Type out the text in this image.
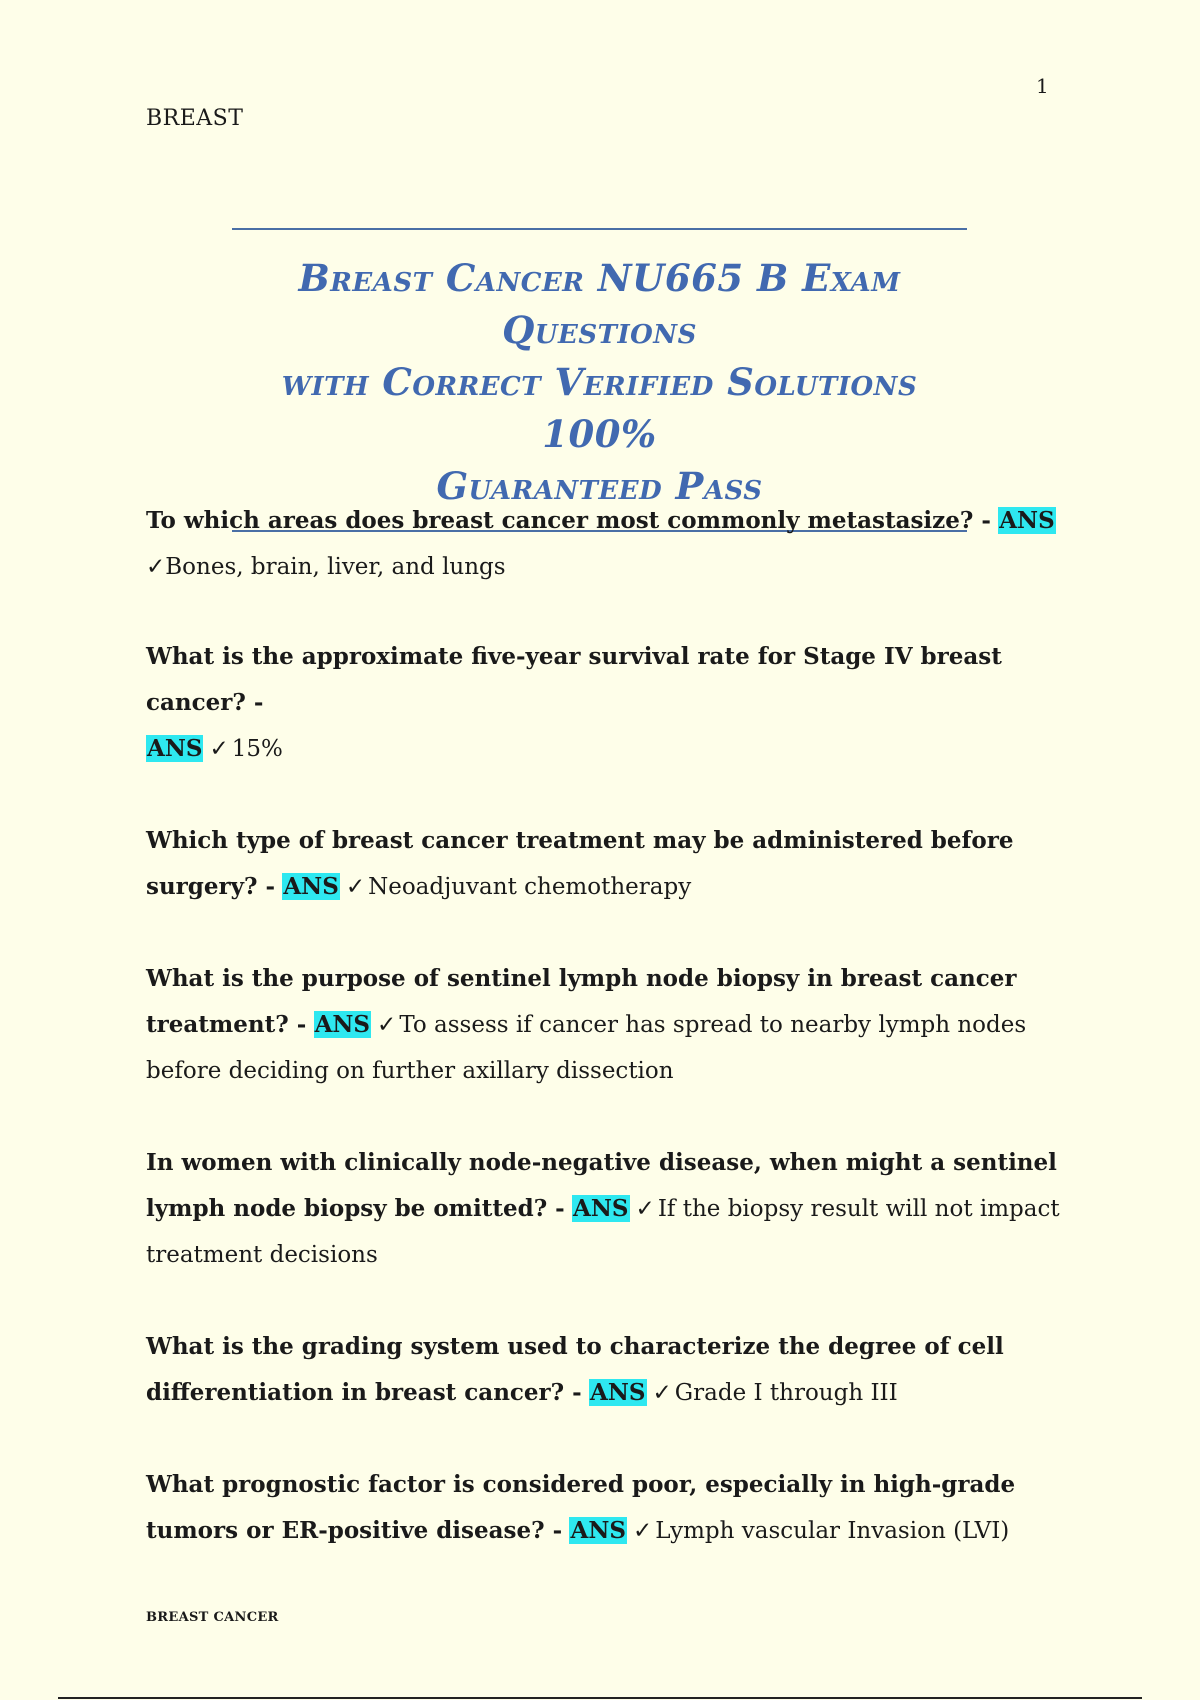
1
BREAST
Breast Cancer NU665 B Exam Questions
with Correct Verified Solutions 100%
Guaranteed Pass

To which areas does breast cancer most commonly metastasize? - ANS
✓Bones, brain, liver, and lungs

What is the approximate five-year survival rate for Stage IV breast cancer? -
ANS ✓ 15%

Which type of breast cancer treatment may be administered before surgery? - ANS ✓ Neoadjuvant chemotherapy

What is the purpose of sentinel lymph node biopsy in breast cancer treatment? - ANS ✓ To assess if cancer has spread to nearby lymph nodes before deciding on further axillary dissection

In women with clinically node-negative disease, when might a sentinel lymph node biopsy be omitted? - ANS ✓ If the biopsy result will not impact treatment decisions

What is the grading system used to characterize the degree of cell differentiation in breast cancer? - ANS ✓ Grade I through III

What prognostic factor is considered poor, especially in high-grade tumors or ER-positive disease? - ANS ✓ Lymph vascular Invasion (LVI)

BREAST CANCER
